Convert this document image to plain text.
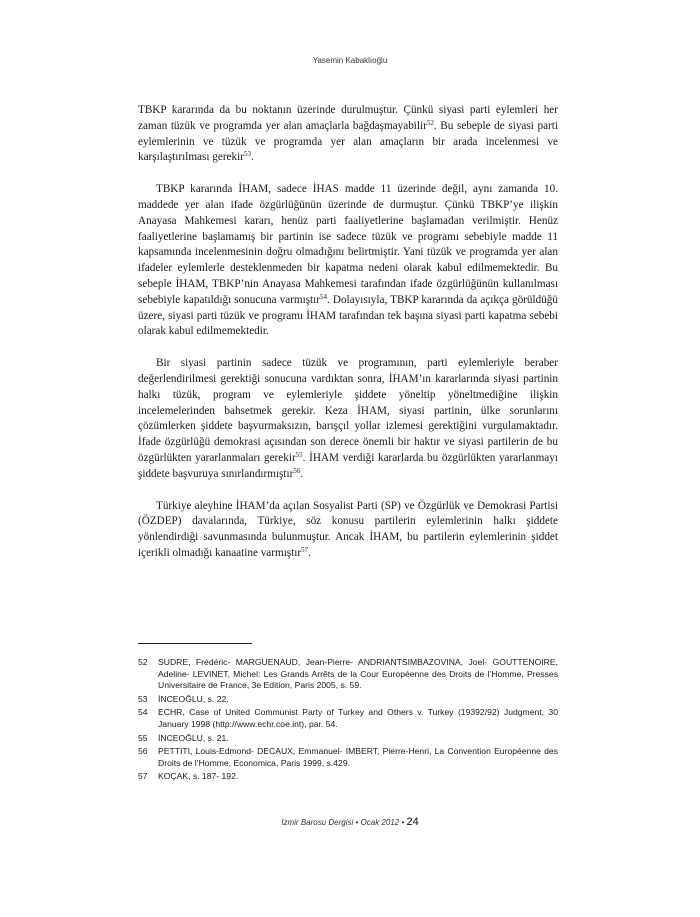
Yasemin Kabaklıoğlu

TBKP kararında da bu noktanın üzerinde durulmuştur. Çünkü siyasi parti eylemleri her zaman tüzük ve programda yer alan amaçlarla bağdaşmayabilir$^{52}$. Bu sebeple de siyasi parti eylemlerinin ve tüzük ve programda yer alan amaçların bir arada incelenmesi ve karşılaştırılması gerekir$^{53}$.

TBKP kararında İHAM, sadece İHAS madde 11 üzerinde değil, aynı zamanda 10. maddede yer alan ifade özgürlüğünün üzerinde de durmuştur. Çünkü TBKP’ye ilişkin Anayasa Mahkemesi kararı, henüz parti faaliyetlerine başlamadan verilmiştir. Henüz faaliyetlerine başlamamış bir partinin ise sadece tüzük ve programı sebebiyle madde 11 kapsamında incelenmesinin doğru olmadığını belirtmiştir. Yani tüzük ve programda yer alan ifadeler eylemlerle desteklenmeden bir kapatma nedeni olarak kabul edilmemektedir. Bu sebeple İHAM, TBKP’nin Anayasa Mahkemesi tarafından ifade özgürlüğünün kullanılması sebebiyle kapatıldığı sonucuna varmıştır$^{54}$. Dolayısıyla, TBKP kararında da açıkça görüldüğü üzere, siyasi parti tüzük ve programı İHAM tarafından tek başına siyasi parti kapatma sebebi olarak kabul edilmemektedir.

Bir siyasi partinin sadece tüzük ve programının, parti eylemleriyle beraber değerlendirilmesi gerektiği sonucuna vardıktan sonra, İHAM’ın kararlarında siyasi partinin halkı tüzük, program ve eylemleriyle şiddete yöneltip yöneltmediğine ilişkin incelemelerinden bahsetmek gerekir. Keza İHAM, siyasi partinin, ülke sorunlarını çözümlerken şiddete başvurmaksızın, barışçıl yollar izlemesi gerektiğini vurgulamaktadır. İfade özgürlüğü demokrasi açısından son derece önemli bir haktır ve siyasi partilerin de bu özgürlükten yararlanmaları gerekir$^{55}$. İHAM verdiği kararlarda bu özgürlükten yararlanmayı şiddete başvuruya sınırlandırmıştır$^{56}$.

Türkiye aleyhine İHAM’da açılan Sosyalist Parti (SP) ve Özgürlük ve Demokrasi Partisi (ÖZDEP) davalarında, Türkiye, söz konusu partilerin eylemlerinin halkı şiddete yönlendirdiği savunmasında bulunmuştur. Ancak İHAM, bu partilerin eylemlerinin şiddet içerikli olmadığı kanaatine varmıştır$^{57}$.

52	SUDRE, Frédéric- MARGUENAUD, Jean-Pierre- ANDRIANTSIMBAZOVINA, Joel- GOUTTENOIRE, Adeline- LEVINET, Michel: Les Grands Arrêts de la Cour Européenne des Droits de l’Homme, Presses Universitaire de France, 3e Edition, Paris 2005, s. 59.
53	İNCEOĞLU, s. 22.
54	ECHR, Case of United Communist Party of Turkey and Others v. Turkey (19392/92) Judgment, 30 January 1998 (http://www.echr.coe.int), par. 54.
55	İNCEOĞLU, s. 21.
56	PETTITI, Louis-Edmond- DECAUX, Emmanuel- IMBERT, Pierre-Henri, La Convention Européenne des Droits de l’Homme, Economica, Paris 1999, s.429.
57	KOÇAK, s. 187- 192.
İzmir Barosu Dergisi • Ocak 2012 • 24
